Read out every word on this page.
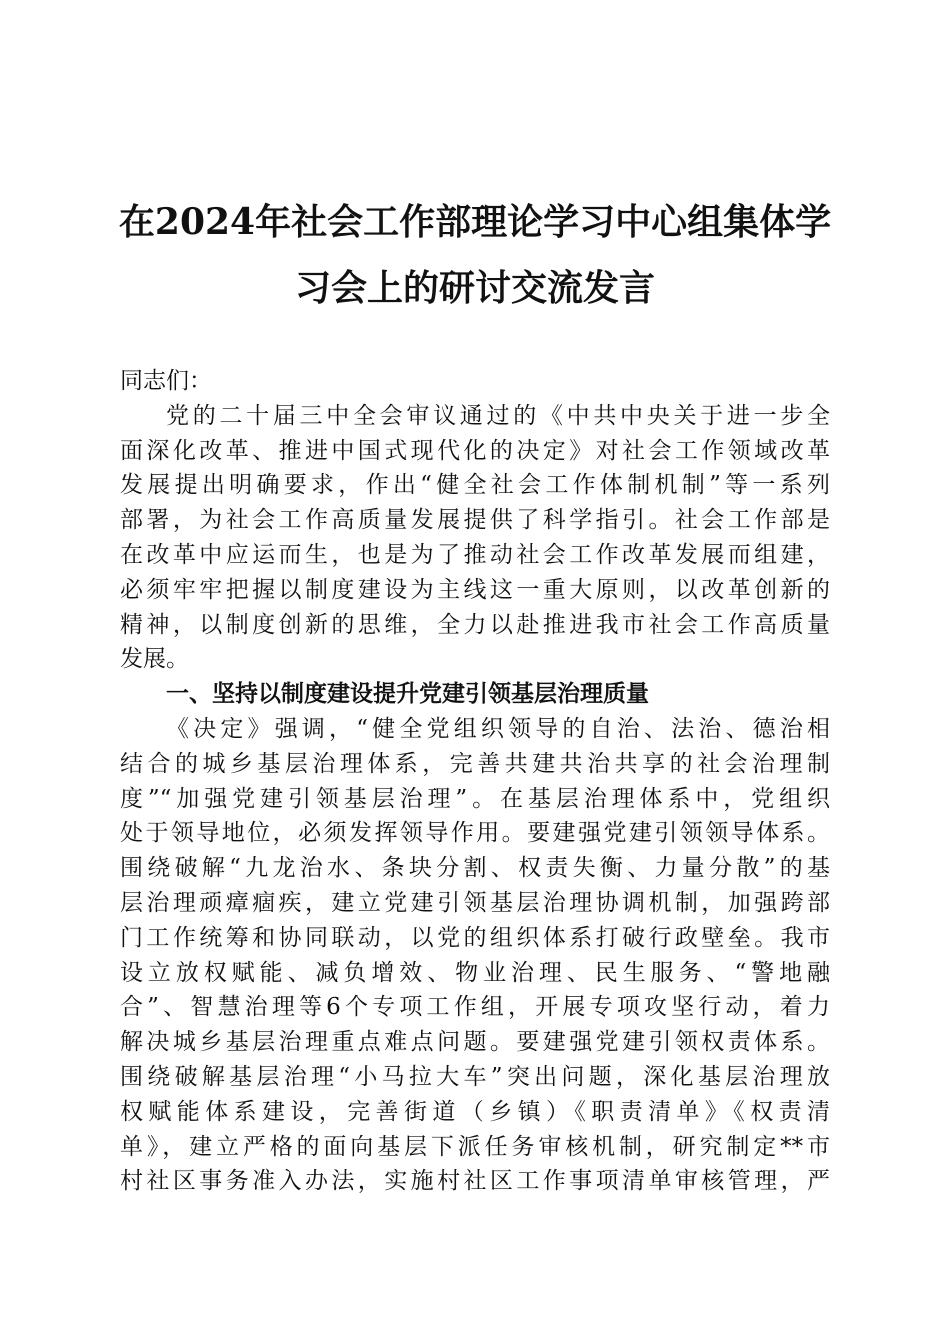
在2024年社会工作部理论学习中心组集体学
习会上的研讨交流发言
同志们：
党的二十届三中全会审议通过的《中共中央关于进一步全
面深化改革、推进中国式现代化的决定》对社会工作领域改革
发展提出明确要求，作出“健全社会工作体制机制”等一系列
部署，为社会工作高质量发展提供了科学指引。社会工作部是
在改革中应运而生，也是为了推动社会工作改革发展而组建，
必须牢牢把握以制度建设为主线这一重大原则，以改革创新的
精神，以制度创新的思维，全力以赴推进我市社会工作高质量
发展。
一、坚持以制度建设提升党建引领基层治理质量
《决定》强调，“健全党组织领导的自治、法治、德治相
结合的城乡基层治理体系，完善共建共治共享的社会治理制
度”“加强党建引领基层治理”。在基层治理体系中，党组织
处于领导地位，必须发挥领导作用。要建强党建引领领导体系。
围绕破解“九龙治水、条块分割、权责失衡、力量分散”的基
层治理顽瘴痼疾，建立党建引领基层治理协调机制，加强跨部
门工作统筹和协同联动，以党的组织体系打破行政壁垒。我市
设立放权赋能、减负增效、物业治理、民生服务、“警地融
合”、智慧治理等6个专项工作组，开展专项攻坚行动，着力
解决城乡基层治理重点难点问题。要建强党建引领权责体系。
围绕破解基层治理“小马拉大车”突出问题，深化基层治理放
权赋能体系建设，完善街道（乡镇）《职责清单》《权责清
单》，建立严格的面向基层下派任务审核机制，研究制定**市
村社区事务准入办法，实施村社区工作事项清单审核管理，严
